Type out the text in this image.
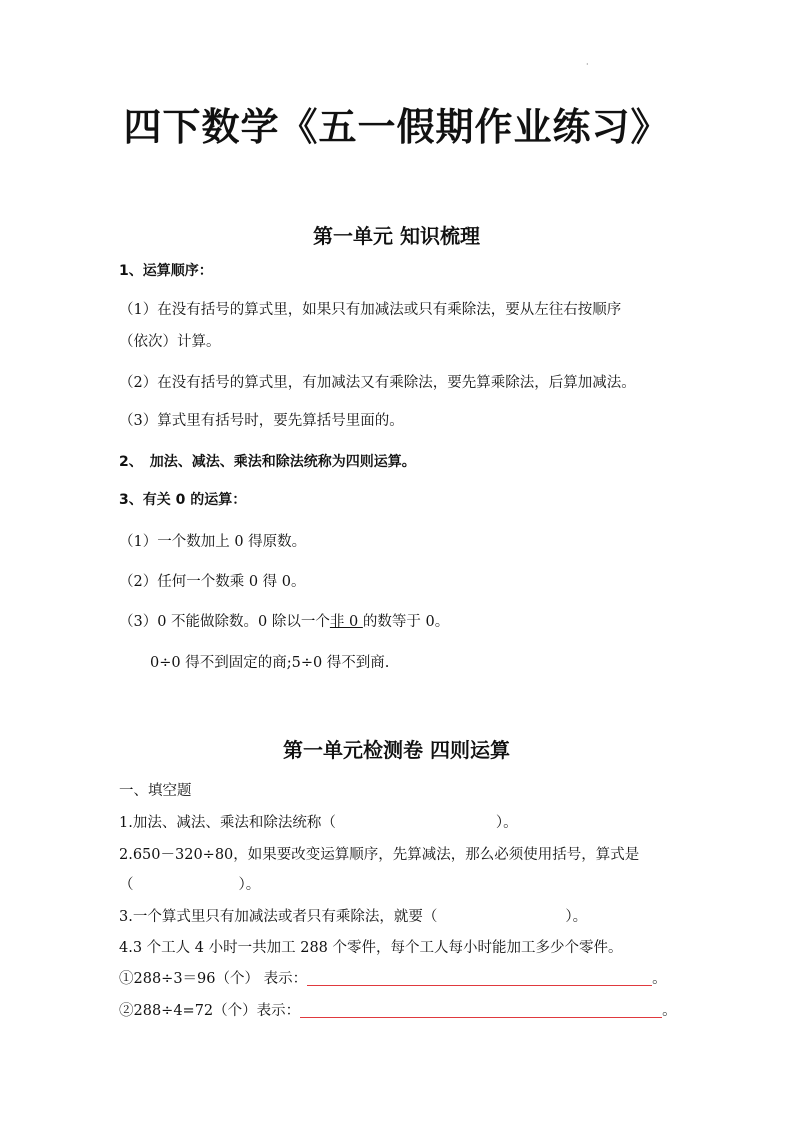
·
四下数学《五一假期作业练习》
第一单元 知识梳理
1、运算顺序：
（1）在没有括号的算式里，如果只有加减法或只有乘除法，要从左往右按顺序
（依次）计算。
（2）在没有括号的算式里，有加减法又有乘除法，要先算乘除法，后算加减法。
（3）算式里有括号时，要先算括号里面的。
2、　加法、减法、乘法和除法统称为四则运算。
3、有关 0 的运算：
（1）一个数加上 0 得原数。
（2）任何一个数乘 0 得 0。
（3）0 不能做除数。0 除以一个非 0 的数等于 0。
0÷0 得不到固定的商;5÷0 得不到商.
第一单元检测卷 四则运算
一、填空题
1.加法、减法、乘法和除法统称（	）。
2.650－320÷80，如果要改变运算顺序，先算减法，那么必须使用括号，算式是
（	）。
3.一个算式里只有加减法或者只有乘除法，就要（	）。
4.3 个工人 4 小时一共加工 288 个零件，每个工人每小时能加工多少个零件。
①288÷3＝96（个） 表示：	。
②288÷4=72（个）表示：	。
